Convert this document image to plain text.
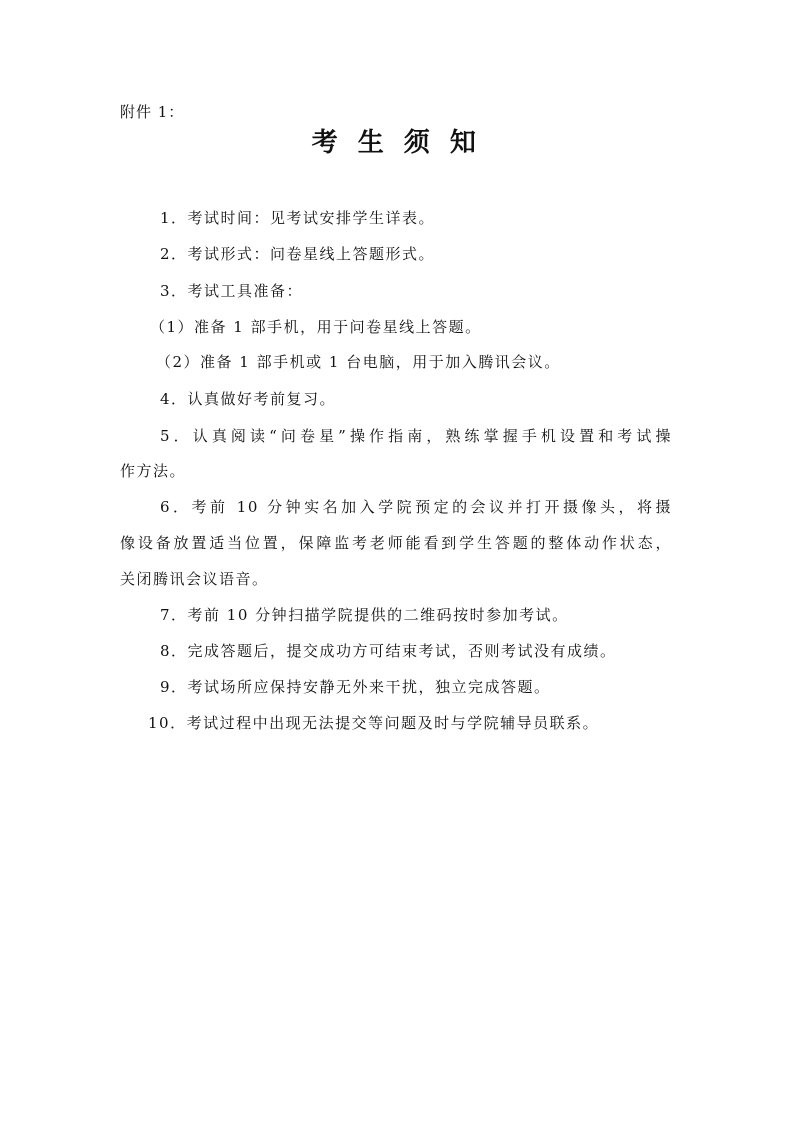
附件 1：
考 生 须 知
1．考试时间：见考试安排学生详表。
2．考试形式：问卷星线上答题形式。
3．考试工具准备：
（1）准备 1 部手机，用于问卷星线上答题。
（2）准备 1 部手机或 1 台电脑，用于加入腾讯会议。
4．认真做好考前复习。
5．认真阅读“问卷星”操作指南，熟练掌握手机设置和考试操
作方法。
6．考前 10 分钟实名加入学院预定的会议并打开摄像头，将摄
像设备放置适当位置，保障监考老师能看到学生答题的整体动作状态，
关闭腾讯会议语音。
7．考前 10 分钟扫描学院提供的二维码按时参加考试。
8．完成答题后，提交成功方可结束考试，否则考试没有成绩。
9．考试场所应保持安静无外来干扰，独立完成答题。
10．考试过程中出现无法提交等问题及时与学院辅导员联系。
